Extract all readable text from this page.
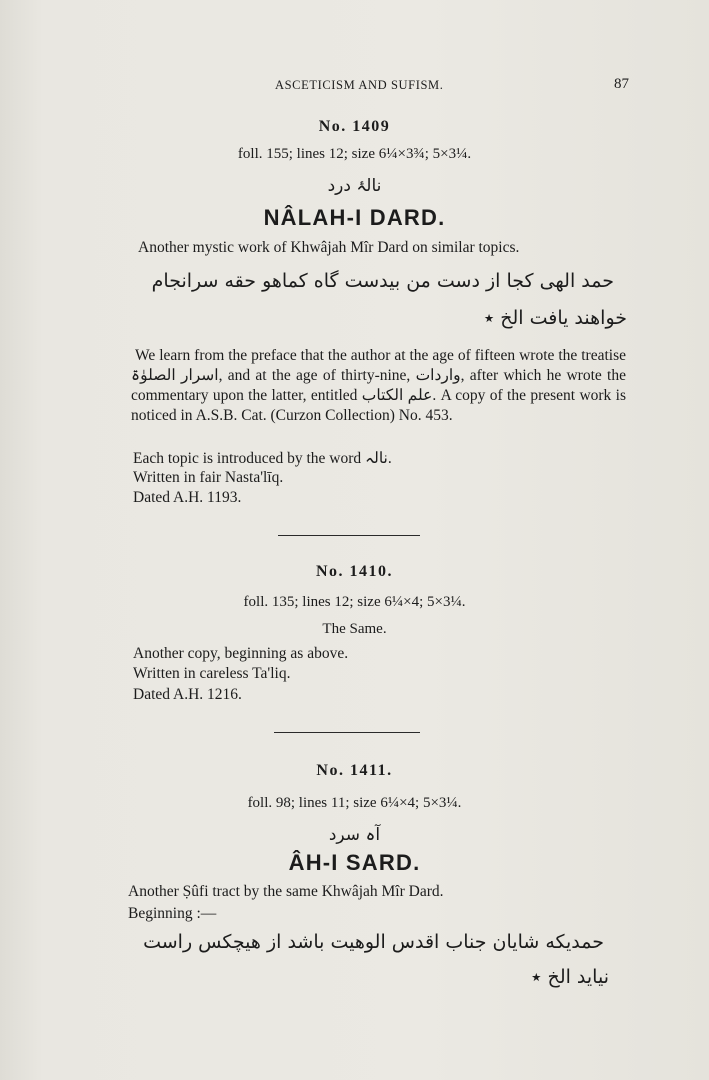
ASCETICISM AND SUFISM.	87
No. 1409
foll. 155; lines 12; size 6¼×3¾; 5×3¼.
نالۂ درد
NÂLAH-I DARD.
Another mystic work of Khwâjah Mîr Dard on similar topics.
حمد الهی کجا از دست من بیدست گاه کماهو حقه سرانجام
خواهند یافت الخ ٭
We learn from the preface that the author at the age of fifteen wrote the treatise اسرار الصلوٰۃ, and at the age of thirty-nine, واردات, after which he wrote the commentary upon the latter, entitled علم الکتاب. A copy of the present work is noticed in A.S.B. Cat. (Curzon Collection) No. 453.
Each topic is introduced by the word نالہ.
Written in fair Nasta'līq.
Dated A.H. 1193.
No. 1410.
foll. 135; lines 12; size 6¼×4; 5×3¼.
The Same.
Another copy, beginning as above.
Written in careless Ta'liq.
Dated A.H. 1216.
No. 1411.
foll. 98; lines 11; size 6¼×4; 5×3¼.
آہ سرد
ÂH-I SARD.
Another Ṣûfi tract by the same Khwâjah Mîr Dard.
Beginning :—
حمدیکه شایان جناب اقدس الوهیت باشد از هیچکس راست
نیاید الخ ٭
